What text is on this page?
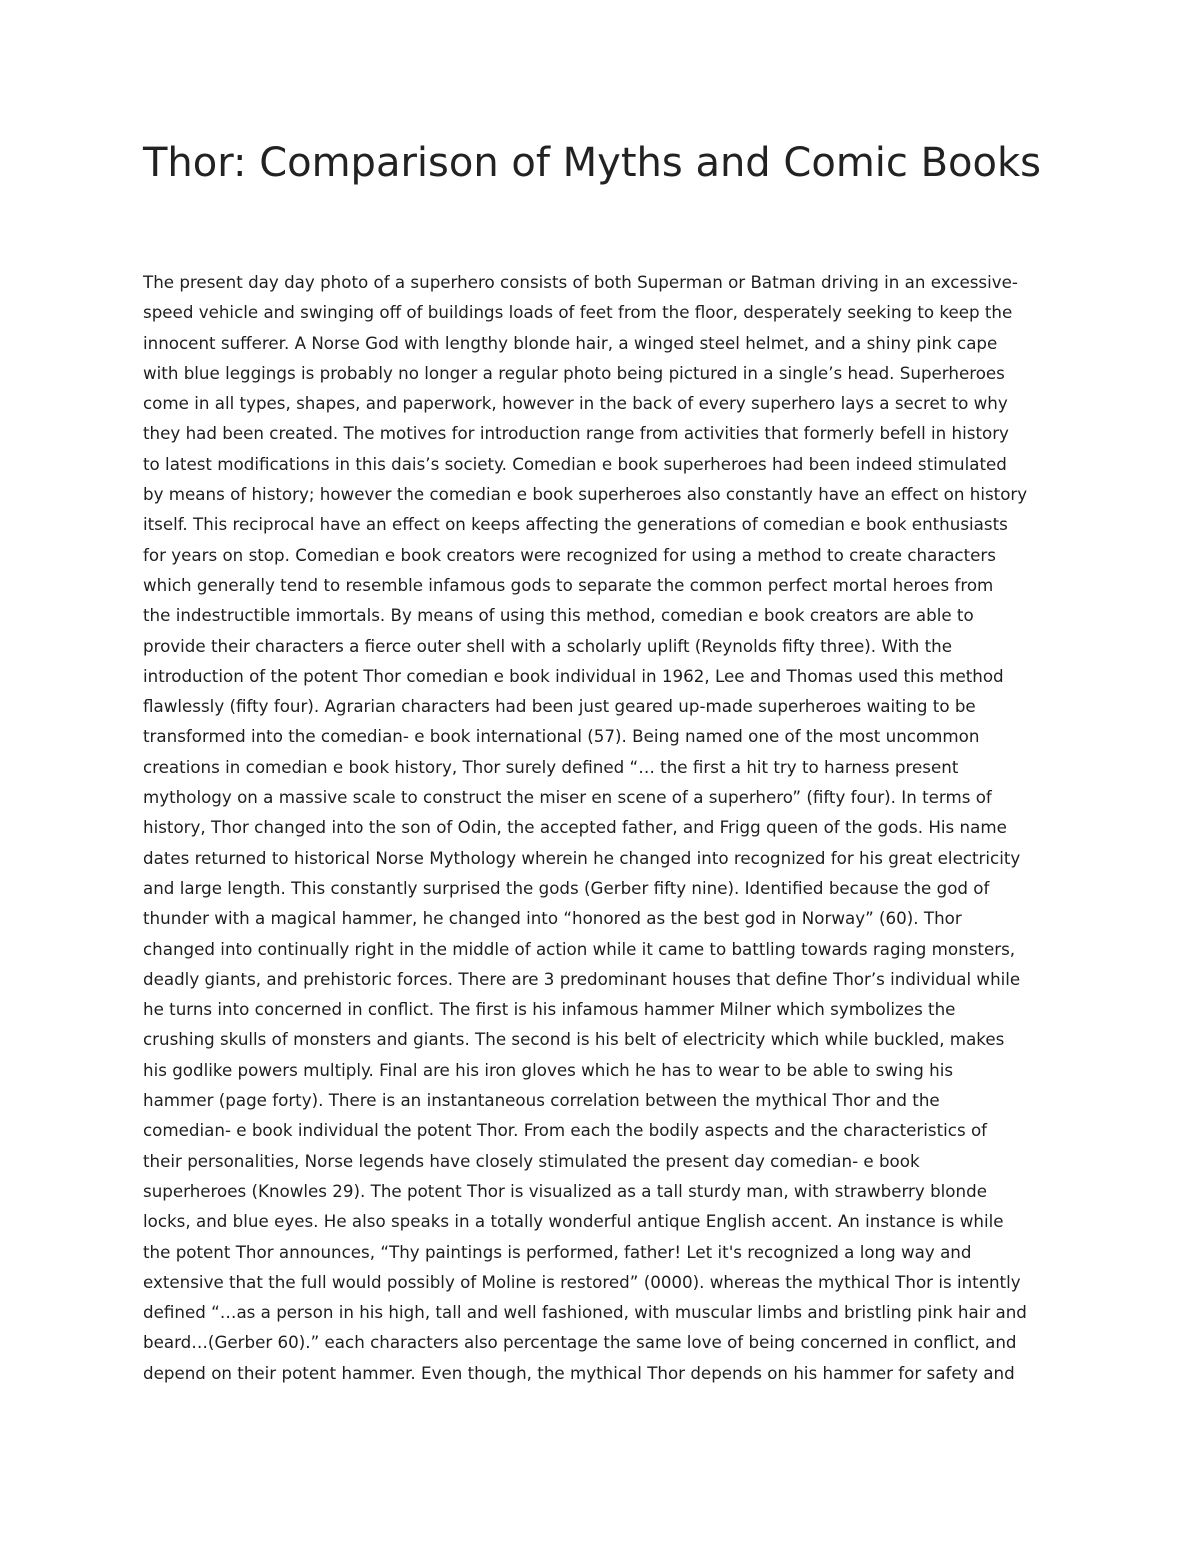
Thor: Comparison of Myths and Comic Books

The present day day photo of a superhero consists of both Superman or Batman driving in an excessive-
speed vehicle and swinging off of buildings loads of feet from the floor, desperately seeking to keep the
innocent sufferer. A Norse God with lengthy blonde hair, a winged steel helmet, and a shiny pink cape
with blue leggings is probably no longer a regular photo being pictured in a single’s head. Superheroes
come in all types, shapes, and paperwork, however in the back of every superhero lays a secret to why
they had been created. The motives for introduction range from activities that formerly befell in history
to latest modifications in this dais’s society. Comedian e book superheroes had been indeed stimulated
by means of history; however the comedian e book superheroes also constantly have an effect on history
itself. This reciprocal have an effect on keeps affecting the generations of comedian e book enthusiasts
for years on stop. Comedian e book creators were recognized for using a method to create characters
which generally tend to resemble infamous gods to separate the common perfect mortal heroes from
the indestructible immortals. By means of using this method, comedian e book creators are able to
provide their characters a fierce outer shell with a scholarly uplift (Reynolds fifty three). With the
introduction of the potent Thor comedian e book individual in 1962, Lee and Thomas used this method
flawlessly (fifty four). Agrarian characters had been just geared up-made superheroes waiting to be
transformed into the comedian- e book international (57). Being named one of the most uncommon
creations in comedian e book history, Thor surely defined “… the first a hit try to harness present
mythology on a massive scale to construct the miser en scene of a superhero” (fifty four). In terms of
history, Thor changed into the son of Odin, the accepted father, and Frigg queen of the gods. His name
dates returned to historical Norse Mythology wherein he changed into recognized for his great electricity
and large length. This constantly surprised the gods (Gerber fifty nine). Identified because the god of
thunder with a magical hammer, he changed into “honored as the best god in Norway” (60). Thor
changed into continually right in the middle of action while it came to battling towards raging monsters,
deadly giants, and prehistoric forces. There are 3 predominant houses that define Thor’s individual while
he turns into concerned in conflict. The first is his infamous hammer Milner which symbolizes the
crushing skulls of monsters and giants. The second is his belt of electricity which while buckled, makes
his godlike powers multiply. Final are his iron gloves which he has to wear to be able to swing his
hammer (page forty). There is an instantaneous correlation between the mythical Thor and the
comedian- e book individual the potent Thor. From each the bodily aspects and the characteristics of
their personalities, Norse legends have closely stimulated the present day comedian- e book
superheroes (Knowles 29). The potent Thor is visualized as a tall sturdy man, with strawberry blonde
locks, and blue eyes. He also speaks in a totally wonderful antique English accent. An instance is while
the potent Thor announces, “Thy paintings is performed, father! Let it's recognized a long way and
extensive that the full would possibly of Moline is restored” (0000). whereas the mythical Thor is intently
defined “…as a person in his high, tall and well fashioned, with muscular limbs and bristling pink hair and
beard…(Gerber 60).” each characters also percentage the same love of being concerned in conflict, and
depend on their potent hammer. Even though, the mythical Thor depends on his hammer for safety and
